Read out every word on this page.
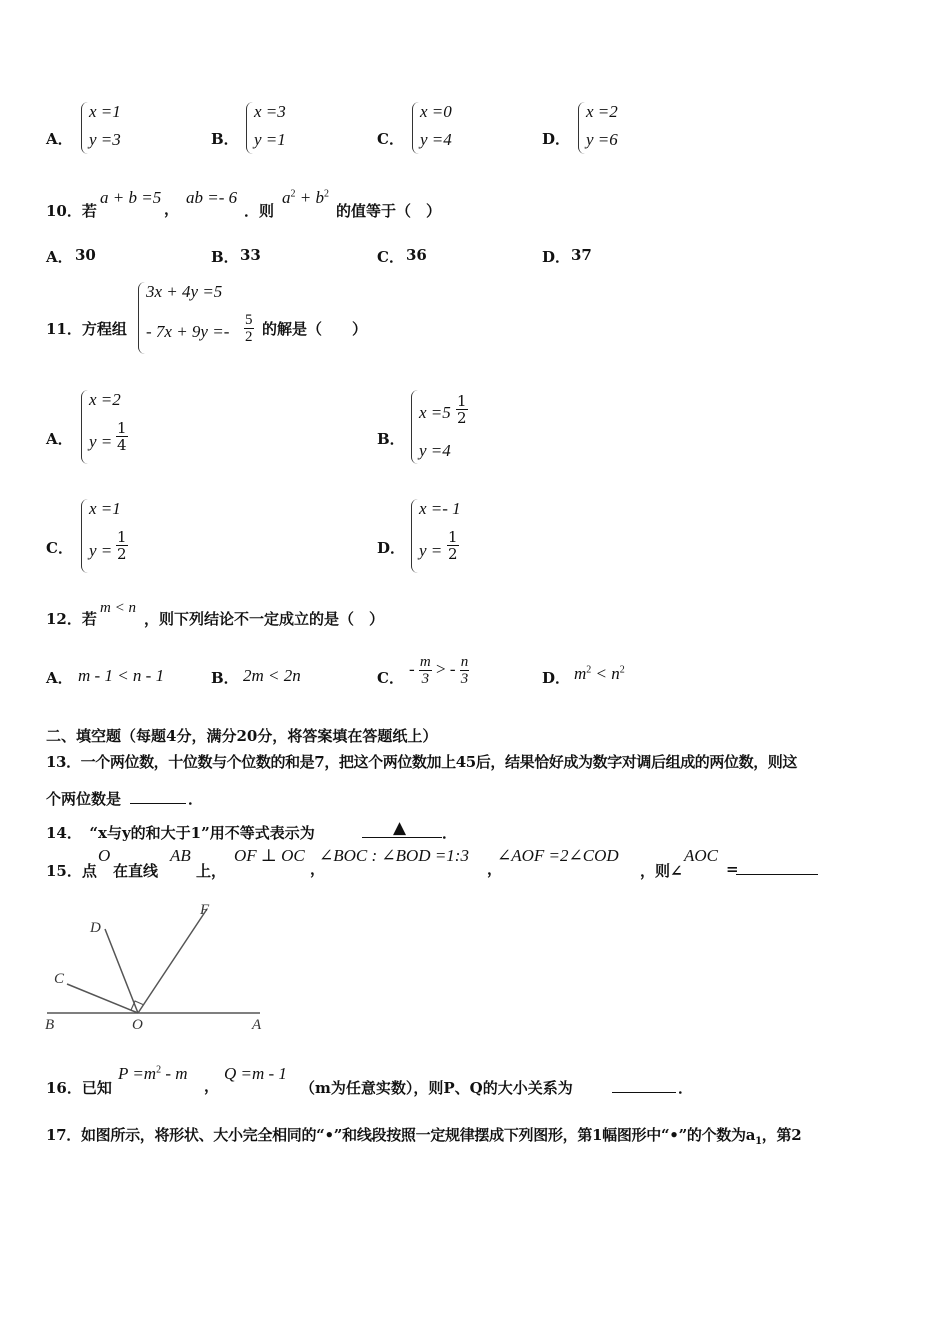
A．
x =1
y =3	B．
x =3
y =1	C．
x =0
y =4	D．
x =2
y =6
10．若
a + b =5
，
ab =- 6
．则
$a^2 + b^2$
的值等于（　）
A． 30	B． 33	C． 36	D． 37
11．方程组
3x + 4y =5
- $7x + 9y =- \frac{5}{2}$ 的解是（　　）
A．
x =2
$y = \frac{1}{4}$	B．
$x =5 \frac{1}{2}$
y =4
C．
x =1
$y = \frac{1}{2}$	D．
x =- 1
$y = \frac{1}{2}$
12．若
m < n
，则下列结论不一定成立的是（　）
A． m - 1 < n - 1	B． 2m < 2n	C． - $\frac{m}{3}$ > - $\frac{n}{3}$	D． $m^2 < n^2$
二、填空题（每题4分，满分20分，将答案填在答题纸上）
13．一个两位数，十位数与个位数的和是7，把这个两位数加上45后，结果恰好成为数字对调后组成的两位数，则这
个两位数是	．
14．　“x与y的和大于1”用不等式表示为	▲ ．
15．点
O
在直线
AB
上，
OF ⊥ OC
，
∠BOC : ∠BOD =1:3
，
∠AOF =2∠COD
，则∠
AOC
=
D
F
C
B	O	A
16．已知
$P =m^2 - m$
，
Q =m - 1
（m为任意实数），则P、Q的大小关系为	．
17．如图所示，将形状、大小完全相同的“•”和线段按照一定规律摆成下列图形，第1幅图形中“•”的个数为$a_1$，第2
